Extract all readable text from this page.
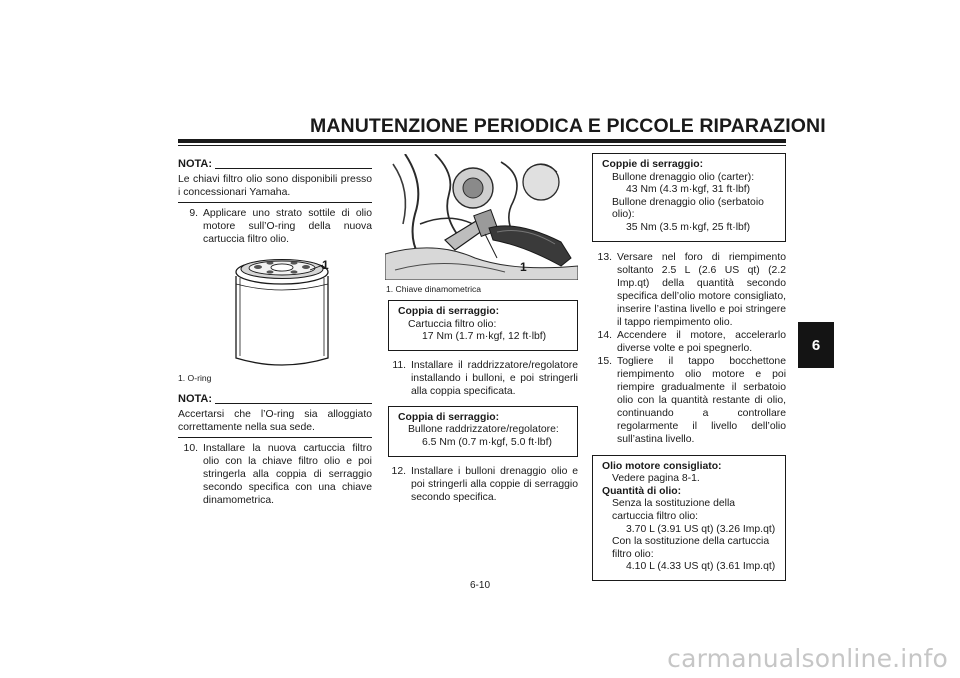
MANUTENZIONE PERIODICA E PICCOLE RIPARAZIONI
6
NOTA:
Le chiavi filtro olio sono disponibili presso i concessionari Yamaha.
9. Applicare uno strato sottile di olio motore sull’O-ring della nuova cartuccia filtro olio.
1
1. O-ring
NOTA:
Accertarsi che l’O-ring sia alloggiato correttamente nella sua sede.
10. Installare la nuova cartuccia filtro olio con la chiave filtro olio e poi stringerla alla coppia di serraggio secondo specifica con una chiave dinamometrica.
1
1. Chiave dinamometrica
Coppia di serraggio:
Cartuccia filtro olio:
17 Nm (1.7 m·kgf, 12 ft·lbf)
11. Installare il raddrizzatore/regolatore installando i bulloni, e poi stringerli alla coppia specificata.
Coppia di serraggio:
Bullone raddrizzatore/regolatore:
6.5 Nm (0.7 m·kgf, 5.0 ft·lbf)
12. Installare i bulloni drenaggio olio e poi stringerli alla coppie di serraggio secondo specifica.
Coppie di serraggio:
Bullone drenaggio olio (carter):
43 Nm (4.3 m·kgf, 31 ft·lbf)
Bullone drenaggio olio (serbatoio olio):
35 Nm (3.5 m·kgf, 25 ft·lbf)
13. Versare nel foro di riempimento soltanto 2.5 L (2.6 US qt) (2.2 Imp.qt) della quantità secondo specifica dell’olio motore consigliato, inserire l’astina livello e poi stringere il tappo riempimento olio.
14. Accendere il motore, accelerarlo diverse volte e poi spegnerlo.
15. Togliere il tappo bocchettone riempimento olio motore e poi riempire gradualmente il serbatoio olio con la quantità restante di olio, continuando a controllare regolarmente il livello dell’olio sull’astina livello.
Olio motore consigliato:
Vedere pagina 8-1.
Quantità di olio:
Senza la sostituzione della cartuccia filtro olio:
3.70 L (3.91 US qt) (3.26 Imp.qt)
Con la sostituzione della cartuccia filtro olio:
4.10 L (4.33 US qt) (3.61 Imp.qt)
6-10
carmanualsonline.info
